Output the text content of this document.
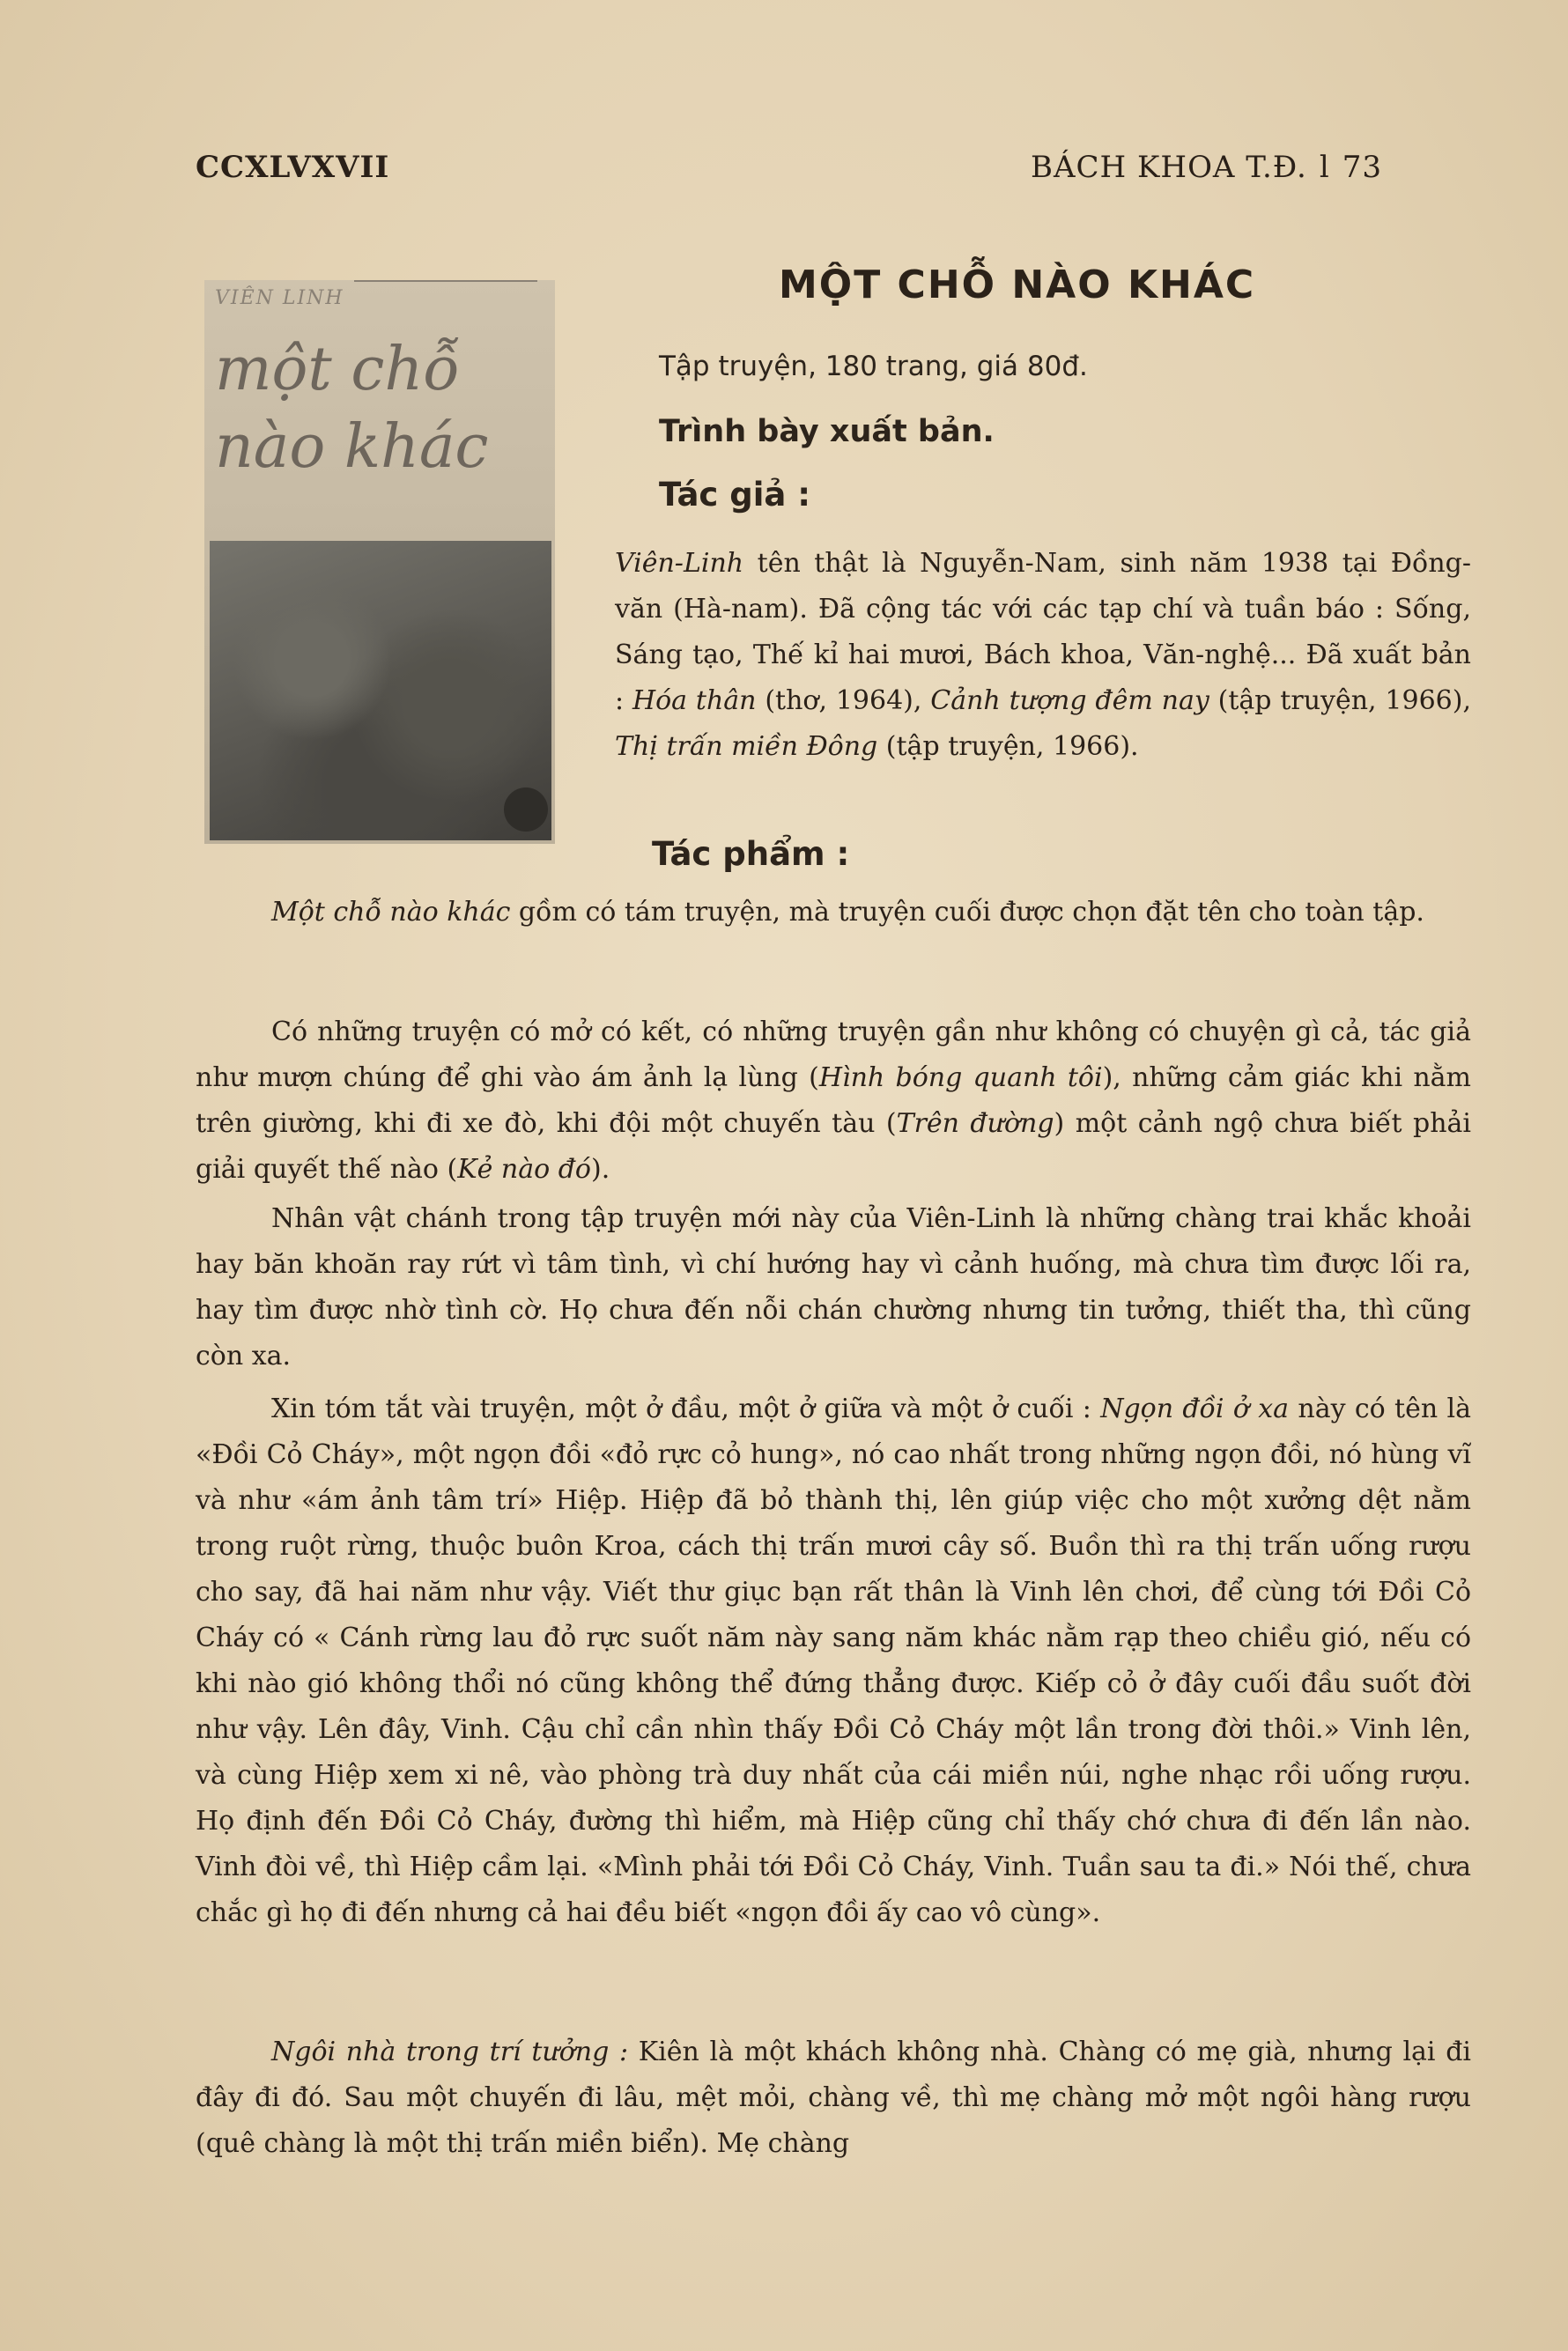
CCXLVXVII	BÁCH KHOA T.Đ. l 73
VIÊN LINH
một chỗ
nào khác
MỘT CHỖ NÀO KHÁC
Tập truyện, 180 trang, giá 80đ.
Trình bày xuất bản.
Tác giả :
Viên-Linh tên thật là Nguyễn-Nam, sinh năm 1938 tại Đồng-văn (Hà-nam). Đã cộng tác với các tạp chí và tuần báo : Sống, Sáng tạo, Thế kỉ hai mươi, Bách khoa, Văn-nghệ... Đã xuất bản : Hóa thân (thơ, 1964), Cảnh tượng đêm nay (tập truyện, 1966), Thị trấn miền Đông (tập truyện, 1966).
Tác phẩm :
Một chỗ nào khác gồm có tám truyện, mà truyện cuối được chọn đặt tên cho toàn tập.
Có những truyện có mở có kết, có những truyện gần như không có chuyện gì cả, tác giả như mượn chúng để ghi vào ám ảnh lạ lùng (Hình bóng quanh tôi), những cảm giác khi nằm trên giường, khi đi xe đò, khi đội một chuyến tàu (Trên đường) một cảnh ngộ chưa biết phải giải quyết thế nào (Kẻ nào đó).
Nhân vật chánh trong tập truyện mới này của Viên-Linh là những chàng trai khắc khoải hay băn khoăn ray rứt vì tâm tình, vì chí hướng hay vì cảnh huống, mà chưa tìm được lối ra, hay tìm được nhờ tình cờ. Họ chưa đến nỗi chán chường nhưng tin tưởng, thiết tha, thì cũng còn xa.
Xin tóm tắt vài truyện, một ở đầu, một ở giữa và một ở cuối : Ngọn đồi ở xa này có tên là «Đồi Cỏ Cháy», một ngọn đồi «đỏ rực cỏ hung», nó cao nhất trong những ngọn đồi, nó hùng vĩ và như «ám ảnh tâm trí» Hiệp. Hiệp đã bỏ thành thị, lên giúp việc cho một xưởng dệt nằm trong ruột rừng, thuộc buôn Kroa, cách thị trấn mươi cây số. Buồn thì ra thị trấn uống rượu cho say, đã hai năm như vậy. Viết thư giục bạn rất thân là Vinh lên chơi, để cùng tới Đồi Cỏ Cháy có « Cánh rừng lau đỏ rực suốt năm này sang năm khác nằm rạp theo chiều gió, nếu có khi nào gió không thổi nó cũng không thể đứng thẳng được. Kiếp cỏ ở đây cuối đầu suốt đời như vậy. Lên đây, Vinh. Cậu chỉ cần nhìn thấy Đồi Cỏ Cháy một lần trong đời thôi.» Vinh lên, và cùng Hiệp xem xi nê, vào phòng trà duy nhất của cái miền núi, nghe nhạc rồi uống rượu. Họ định đến Đồi Cỏ Cháy, đường thì hiểm, mà Hiệp cũng chỉ thấy chớ chưa đi đến lần nào. Vinh đòi về, thì Hiệp cầm lại. «Mình phải tới Đồi Cỏ Cháy, Vinh. Tuần sau ta đi.» Nói thế, chưa chắc gì họ đi đến nhưng cả hai đều biết «ngọn đồi ấy cao vô cùng».
Ngôi nhà trong trí tưởng : Kiên là một khách không nhà. Chàng có mẹ già, nhưng lại đi đây đi đó. Sau một chuyến đi lâu, mệt mỏi, chàng về, thì mẹ chàng mở một ngôi hàng rượu (quê chàng là một thị trấn miền biển). Mẹ chàng
